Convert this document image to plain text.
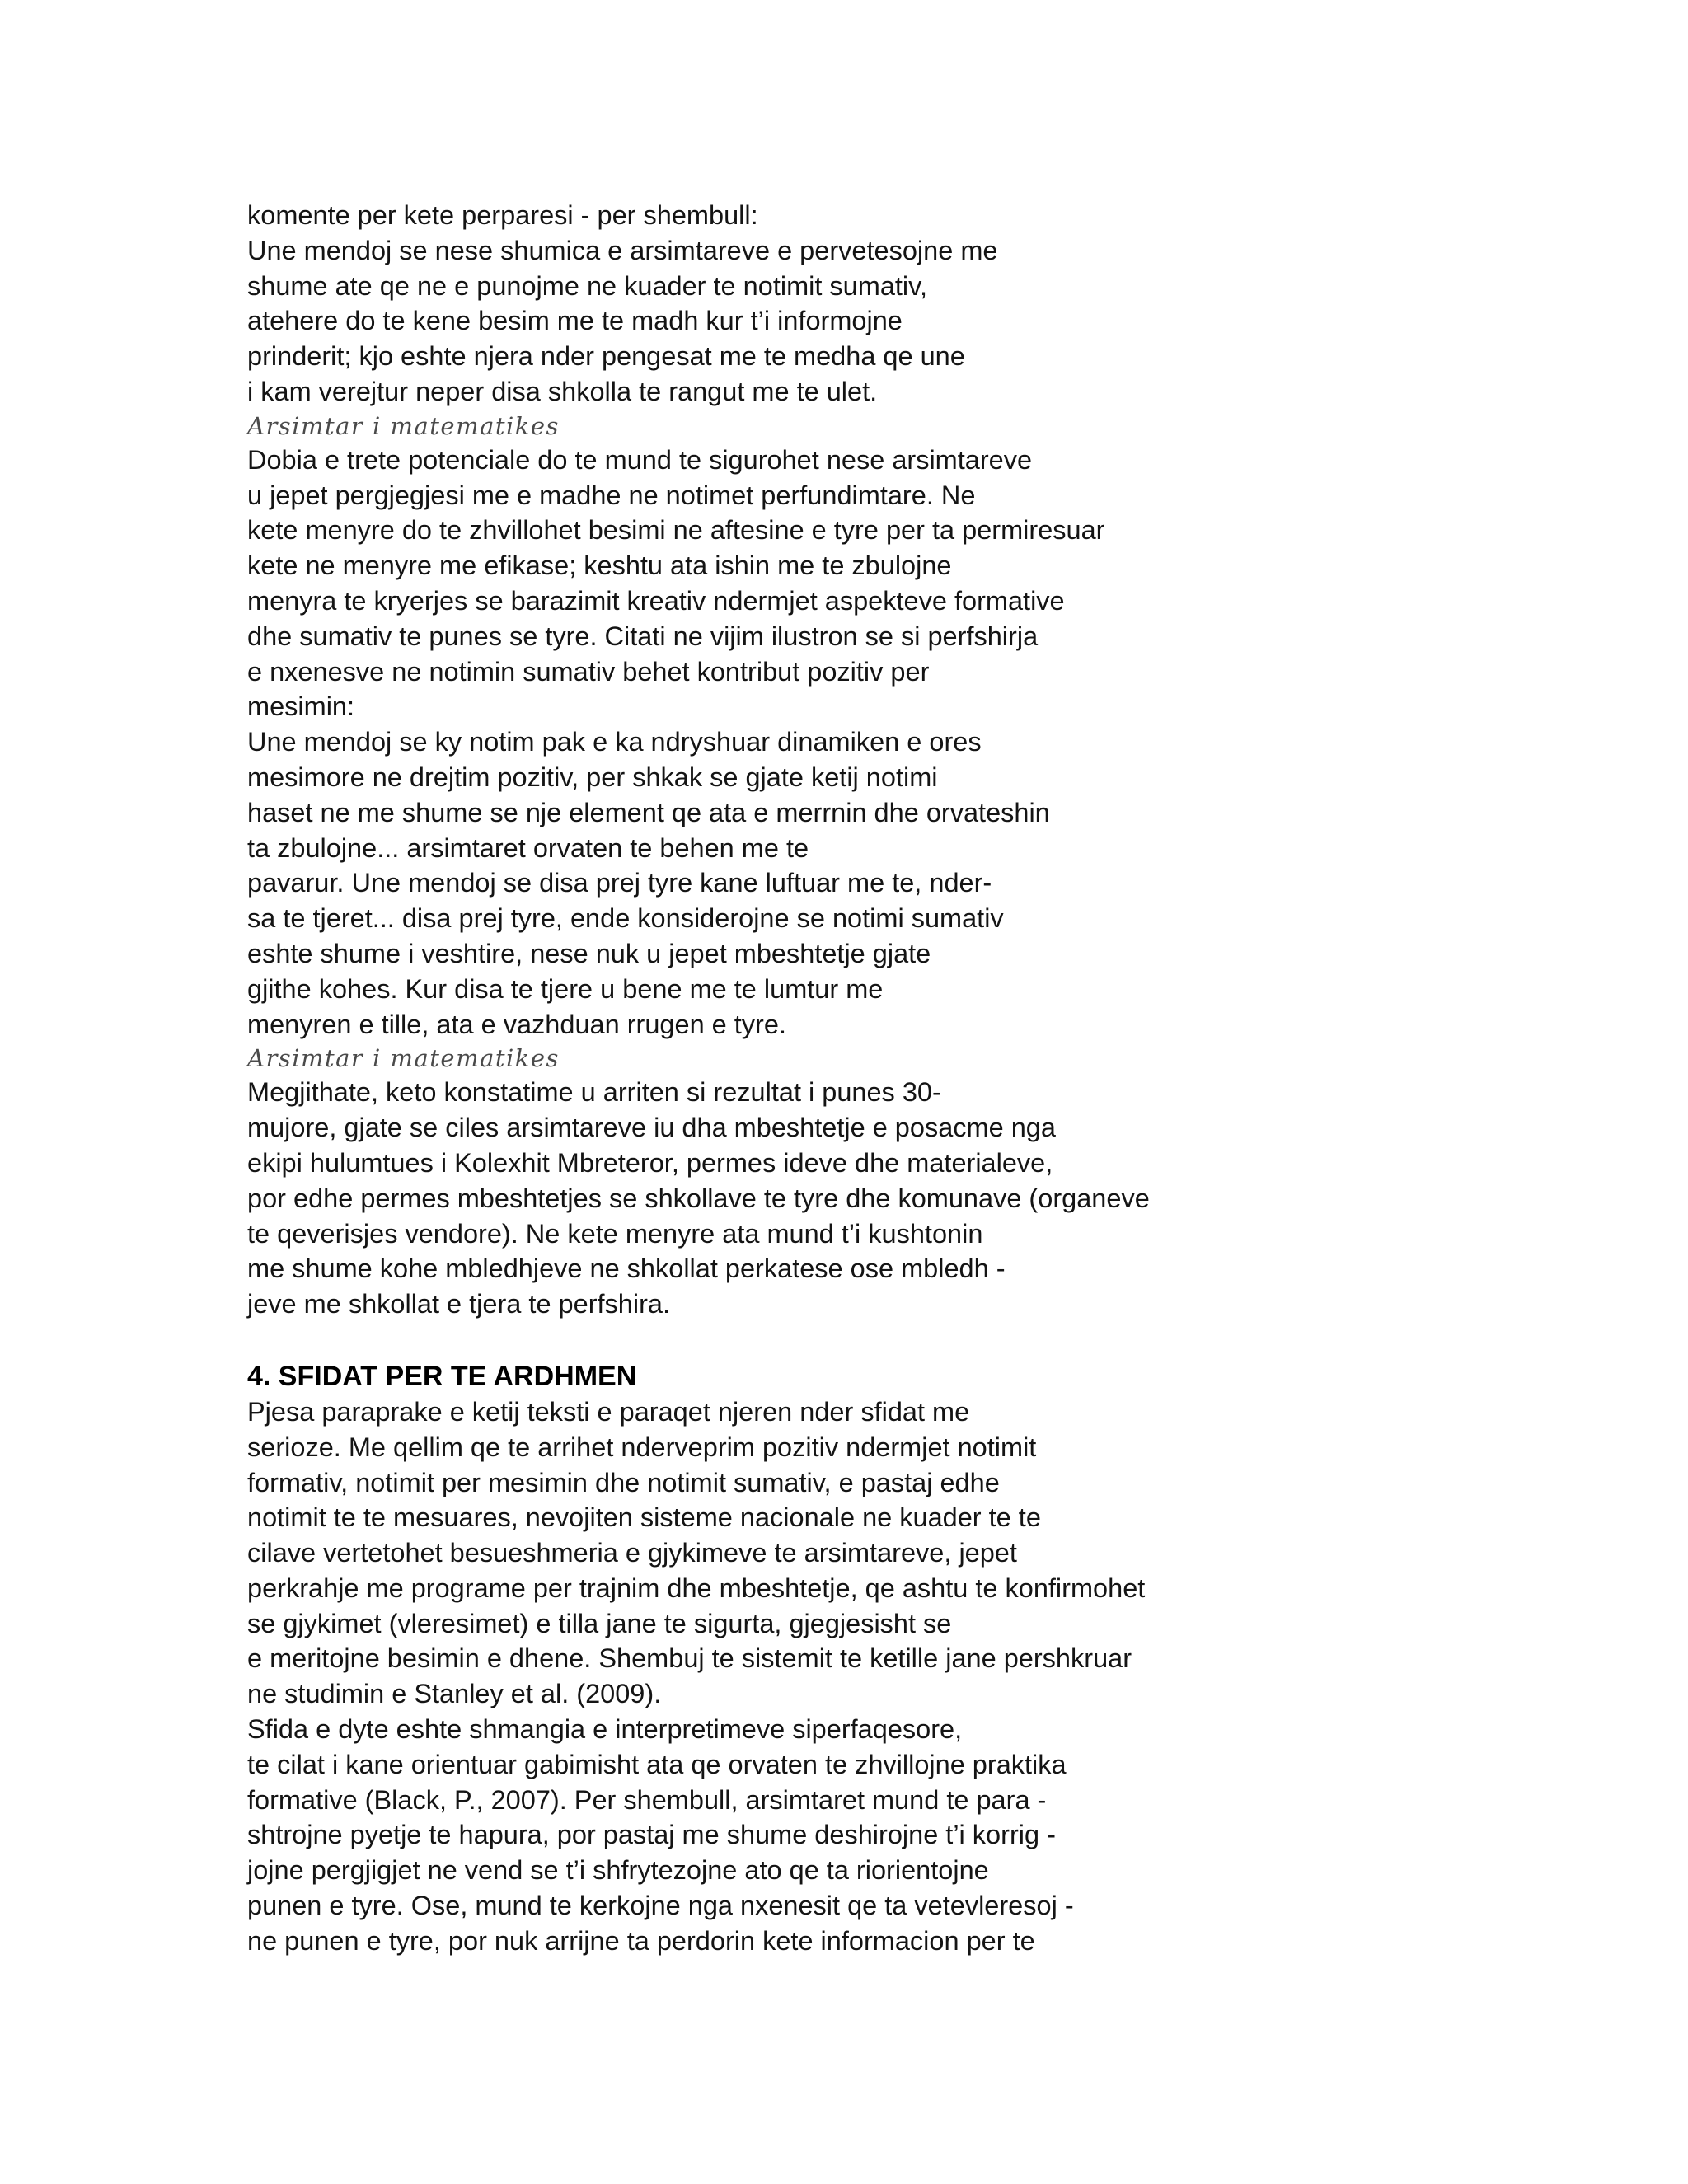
komente per kete perparesi - per shembull:
Une mendoj se nese shumica e arsimtareve e pervetesojne me
shume ate qe ne e punojme ne kuader te notimit sumativ,
atehere do te kene besim me te madh kur t’i informojne
prinderit; kjo eshte njera nder pengesat me te medha qe une
i kam verejtur neper disa shkolla te rangut me te ulet.
Arsimtar i matematikes
Dobia e trete potenciale do te mund te sigurohet nese arsimtareve
u jepet pergjegjesi me e madhe ne notimet perfundimtare. Ne
kete menyre do te zhvillohet besimi ne aftesine e tyre per ta permiresuar
kete ne menyre me efikase; keshtu ata ishin me te zbulojne
menyra te kryerjes se barazimit kreativ ndermjet aspekteve formative
dhe sumativ te punes se tyre. Citati ne vijim ilustron se si perfshirja
e nxenesve ne notimin sumativ behet kontribut pozitiv per
mesimin:
Une mendoj se ky notim pak e ka ndryshuar dinamiken e ores
mesimore ne drejtim pozitiv, per shkak se gjate ketij notimi
haset ne me shume se nje element qe ata e merrnin dhe orvateshin
ta zbulojne... arsimtaret orvaten te behen me te
pavarur. Une mendoj se disa prej tyre kane luftuar me te, nder-
sa te tjeret... disa prej tyre, ende konsiderojne se notimi sumativ
eshte shume i veshtire, nese nuk u jepet mbeshtetje gjate
gjithe kohes. Kur disa te tjere u bene me te lumtur me
menyren e tille, ata e vazhduan rrugen e tyre.
Arsimtar i matematikes
Megjithate, keto konstatime u arriten si rezultat i punes 30-
mujore, gjate se ciles arsimtareve iu dha mbeshtetje e posacme nga
ekipi hulumtues i Kolexhit Mbreteror, permes ideve dhe materialeve,
por edhe permes mbeshtetjes se shkollave te tyre dhe komunave (organeve
te qeverisjes vendore). Ne kete menyre ata mund t’i kushtonin
me shume kohe mbledhjeve ne shkollat perkatese ose mbledh -
jeve me shkollat e tjera te perfshira.
4. SFIDAT PER TE ARDHMEN
Pjesa paraprake e ketij teksti e paraqet njeren nder sfidat me
serioze. Me qellim qe te arrihet nderveprim pozitiv ndermjet notimit
formativ, notimit per mesimin dhe notimit sumativ, e pastaj edhe
notimit te te mesuares, nevojiten sisteme nacionale ne kuader te te
cilave vertetohet besueshmeria e gjykimeve te arsimtareve, jepet
perkrahje me programe per trajnim dhe mbeshtetje, qe ashtu te konfirmohet
se gjykimet (vleresimet) e tilla jane te sigurta, gjegjesisht se
e meritojne besimin e dhene. Shembuj te sistemit te ketille jane pershkruar
ne studimin e Stanley et al. (2009).
Sfida e dyte eshte shmangia e interpretimeve siperfaqesore,
te cilat i kane orientuar gabimisht ata qe orvaten te zhvillojne praktika
formative (Black, P., 2007). Per shembull, arsimtaret mund te para -
shtrojne pyetje te hapura, por pastaj me shume deshirojne t’i korrig -
jojne pergjigjet ne vend se t’i shfrytezojne ato qe ta riorientojne
punen e tyre. Ose, mund te kerkojne nga nxenesit qe ta vetevleresoj -
ne punen e tyre, por nuk arrijne ta perdorin kete informacion per te
